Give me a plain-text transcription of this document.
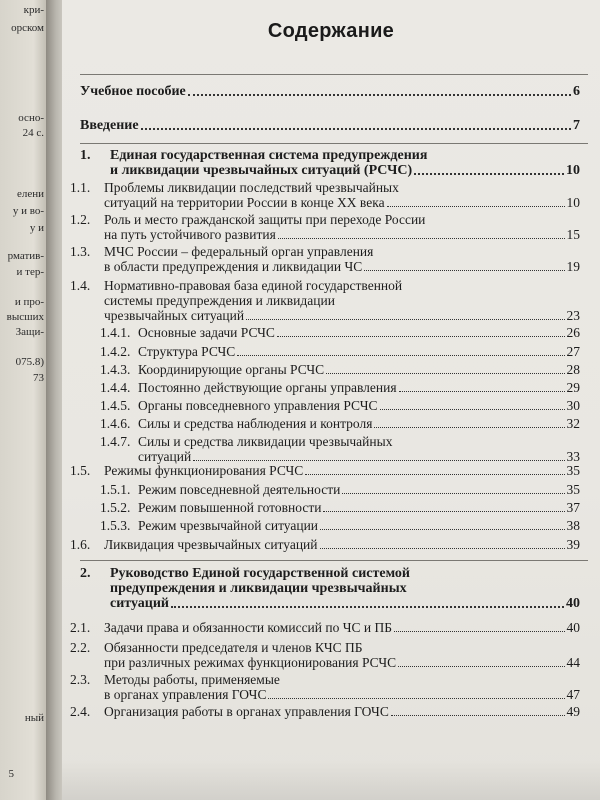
кри-
орском
осно-
24 с.
елени
у и во-
у и
рматив-
и тер-
и про-
высших
Защи-
075.8)
73
ный
5
Содержание
Учебное пособие	6
Введение	7
1. Единая государственная система предупреждения
и ликвидации чрезвычайных ситуаций (РСЧС)	10
1.1. Проблемы ликвидации последствий чрезвычайных
ситуаций на территории России в конце XX века	10
1.2. Роль и место гражданской защиты при переходе России
на путь устойчивого развития	15
1.3. МЧС России – федеральный орган управления
в области предупреждения и ликвидации ЧС	19
1.4. Нормативно-правовая база единой государственной
системы предупреждения и ликвидации
чрезвычайных ситуаций	23
1.4.1. Основные задачи РСЧС	26
1.4.2. Структура РСЧС	27
1.4.3. Координирующие органы РСЧС	28
1.4.4. Постоянно действующие органы управления	29
1.4.5. Органы повседневного управления РСЧС	30
1.4.6. Силы и средства наблюдения и контроля	32
1.4.7. Силы и средства ликвидации чрезвычайных
ситуаций	33
1.5. Режимы функционирования РСЧС	35
1.5.1. Режим повседневной деятельности	35
1.5.2. Режим повышенной готовности	37
1.5.3. Режим чрезвычайной ситуации	38
1.6. Ликвидация чрезвычайных ситуаций	39
2. Руководство Единой государственной системой
предупреждения и ликвидации чрезвычайных
ситуаций	40
2.1. Задачи права и обязанности комиссий по ЧС и ПБ	40
2.2. Обязанности председателя и членов КЧС ПБ
при различных режимах функционирования РСЧС	44
2.3. Методы работы, применяемые
в органах управления ГОЧС	47
2.4. Организация работы в органах управления ГОЧС	49
